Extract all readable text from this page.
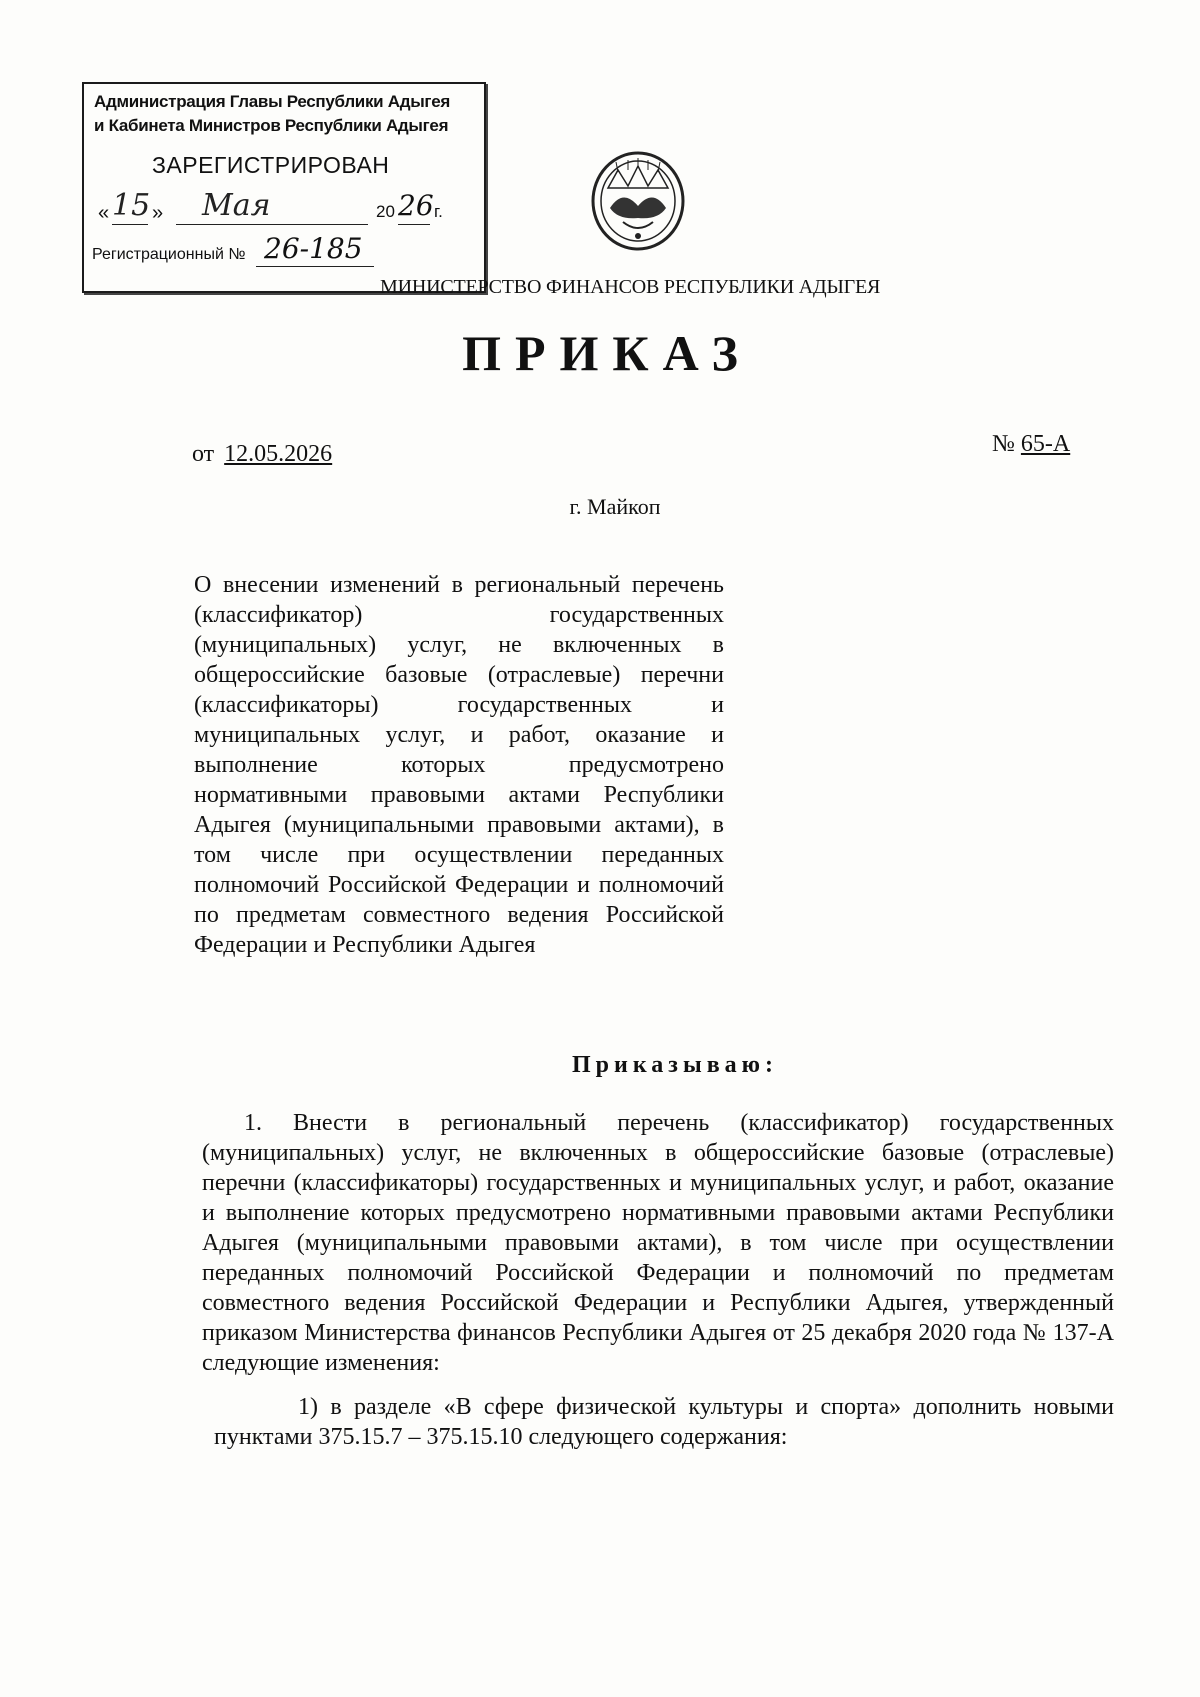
Администрация Главы Республики Адыгея
и Кабинета Министров Республики Адыгея
ЗАРЕГИСТРИРОВАН
« 15 »	Мая	20 26 г.
Регистрационный № 26-185
МИНИСТЕРСТВО ФИНАНСОВ РЕСПУБЛИКИ АДЫГЕЯ
ПРИКАЗ
от 12.05.2026	№ 65-А
г. Майкоп
О внесении изменений в региональный перечень (классификатор) государственных (муниципальных) услуг, не включенных в общероссийские базовые (отраслевые) перечни (классификаторы) государственных и муниципальных услуг, и работ, оказание и выполнение которых предусмотрено нормативными правовыми актами Республики Адыгея (муниципальными правовыми актами), в том числе при осуществлении переданных полномочий Российской Федерации и полномочий по предметам совместного ведения Российской Федерации и Республики Адыгея
Приказываю:
1. Внести в региональный перечень (классификатор) государственных (муниципальных) услуг, не включенных в общероссийские базовые (отраслевые) перечни (классификаторы) государственных и муниципальных услуг, и работ, оказание и выполнение которых предусмотрено нормативными правовыми актами Республики Адыгея (муниципальными правовыми актами), в том числе при осуществлении переданных полномочий Российской Федерации и полномочий по предметам совместного ведения Российской Федерации и Республики Адыгея, утвержденный приказом Министерства финансов Республики Адыгея от 25 декабря 2020 года № 137-А следующие изменения:
1) в разделе «В сфере физической культуры и спорта» дополнить новыми пунктами 375.15.7 – 375.15.10 следующего содержания:
